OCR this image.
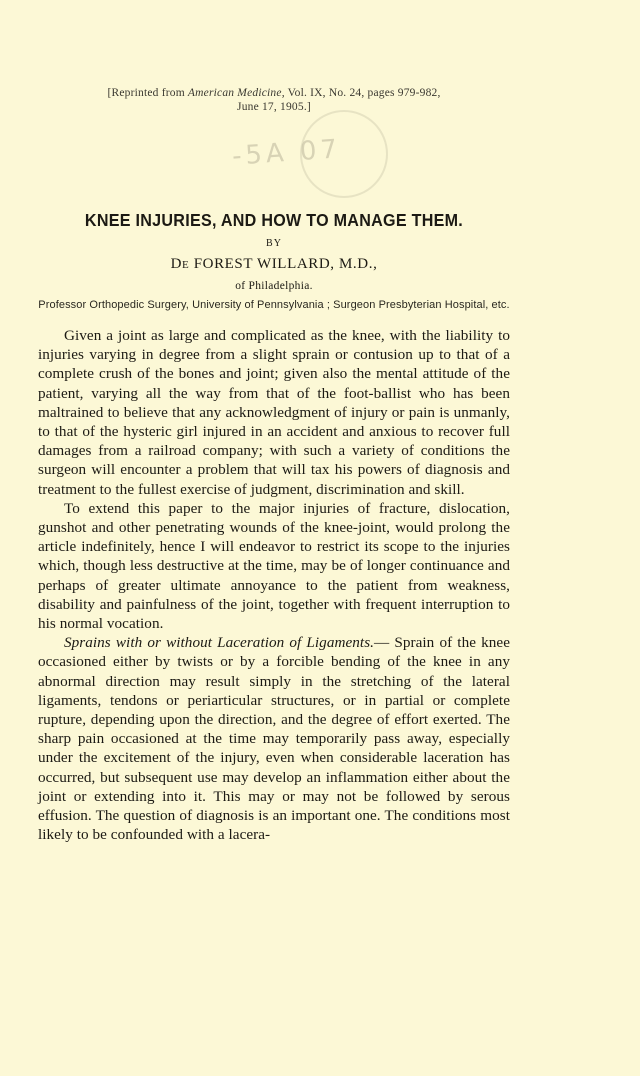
[Reprinted from American Medicine, Vol. IX, No. 24, pages 979-982,
June 17, 1905.]
-5A 07
KNEE INJURIES, AND HOW TO MANAGE THEM.
BY
De FOREST WILLARD, M.D.,
of Philadelphia.
Professor Orthopedic Surgery, University of Pennsylvania ; Surgeon Presbyterian Hospital, etc.

Given a joint as large and complicated as the knee, with the liability to injuries varying in degree from a slight sprain or contusion up to that of a complete crush of the bones and joint; given also the mental attitude of the patient, varying all the way from that of the foot-ballist who has been maltrained to believe that any acknowledgment of injury or pain is unmanly, to that of the hysteric girl injured in an accident and anxious to recover full damages from a railroad company; with such a variety of conditions the surgeon will encounter a problem that will tax his powers of diagnosis and treatment to the fullest exercise of judgment, discrimination and skill.

To extend this paper to the major injuries of fracture, dislocation, gunshot and other penetrating wounds of the knee-joint, would prolong the article indefinitely, hence I will endeavor to restrict its scope to the injuries which, though less destructive at the time, may be of longer continuance and perhaps of greater ultimate annoyance to the patient from weakness, disability and painfulness of the joint, together with frequent interruption to his normal vocation.

Sprains with or without Laceration of Ligaments.— Sprain of the knee occasioned either by twists or by a forcible bending of the knee in any abnormal direction may result simply in the stretching of the lateral ligaments, tendons or periarticular structures, or in partial or complete rupture, depending upon the direction, and the degree of effort exerted. The sharp pain occasioned at the time may temporarily pass away, especially under the excitement of the injury, even when considerable laceration has occurred, but subsequent use may develop an inflammation either about the joint or extending into it. This may or may not be followed by serous effusion. The question of diagnosis is an important one. The conditions most likely to be confounded with a lacera-
